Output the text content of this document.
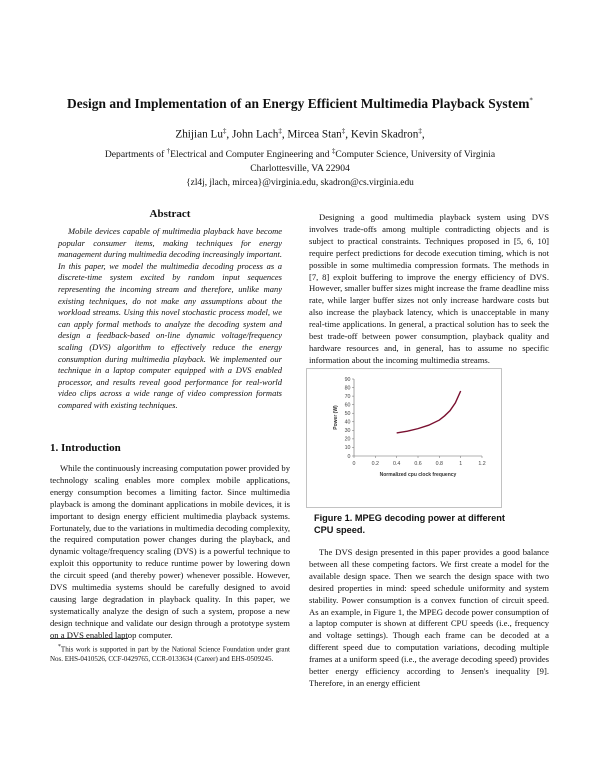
Design and Implementation of an Energy Efficient Multimedia Playback System*
Zhijian Lu‡, John Lach‡, Mircea Stan‡, Kevin Skadron‡,
Departments of †Electrical and Computer Engineering and ‡Computer Science, University of Virginia
Charlottesville, VA 22904
{zl4j, jlach, mircea}@virginia.edu, skadron@cs.virginia.edu
Abstract
Mobile devices capable of multimedia playback have become popular consumer items, making techniques for energy management during multimedia decoding increasingly important. In this paper, we model the multimedia decoding process as a discrete-time system excited by random input sequences representing the incoming stream and therefore, unlike many existing techniques, do not make any assumptions about the workload streams. Using this novel stochastic process model, we can apply formal methods to analyze the decoding system and design a feedback-based on-line dynamic voltage/frequency scaling (DVS) algorithm to effectively reduce the energy consumption during multimedia playback. We implemented our technique in a laptop computer equipped with a DVS enabled processor, and results reveal good performance for real-world video clips across a wide range of video compression formats compared with existing techniques.
1. Introduction
While the continuously increasing computation power provided by technology scaling enables more complex mobile applications, energy consumption becomes a limiting factor. Since multimedia playback is among the dominant applications in mobile devices, it is important to design energy efficient multimedia playback systems. Fortunately, due to the variations in multimedia decoding complexity, the required computation power changes during the playback, and dynamic voltage/frequency scaling (DVS) is a powerful technique to exploit this opportunity to reduce runtime power by lowering down the circuit speed (and thereby power) whenever possible. However, DVS multimedia systems should be carefully designed to avoid causing large degradation in playback quality. In this paper, we systematically analyze the design of such a system, propose a new design technique and validate our design through a prototype system on a DVS enabled laptop computer.
*This work is supported in part by the National Science Foundation under grant Nos. EHS-0410526, CCF-0429765, CCR-0133634 (Career) and EHS-0509245.
Designing a good multimedia playback system using DVS involves trade-offs among multiple contradicting objects and is subject to practical constraints. Techniques proposed in [5, 6, 10] require perfect predictions for decode execution timing, which is not possible in some multimedia compression formats. The methods in [7, 8] exploit buffering to improve the energy efficiency of DVS. However, smaller buffer sizes might increase the frame deadline miss rate, while larger buffer sizes not only increase hardware costs but also increase the playback latency, which is unacceptable in many real-time applications. In general, a practical solution has to seek the best trade-off between power consumption, playback quality and hardware resources and, in general, has to assume no specific information about the incoming multimedia streams.
0
10
20
30
40
50
60
70
80
90
0	0.2	0.4	0.6	0.8	1	1.2
Power (W)
Normalized cpu clock frequency
Figure 1. MPEG decoding power at different CPU speed.
The DVS design presented in this paper provides a good balance between all these competing factors. We first create a model for the available design space. Then we search the design space with two desired properties in mind: speed schedule uniformity and system stability. Power consumption is a convex function of circuit speed. As an example, in Figure 1, the MPEG decode power consumption of a laptop computer is shown at different CPU speeds (i.e., frequency and voltage settings). Though each frame can be decoded at a different speed due to computation variations, decoding multiple frames at a uniform speed (i.e., the average decoding speed) provides better energy efficiency according to Jensen's inequality [9]. Therefore, in an energy efficient
